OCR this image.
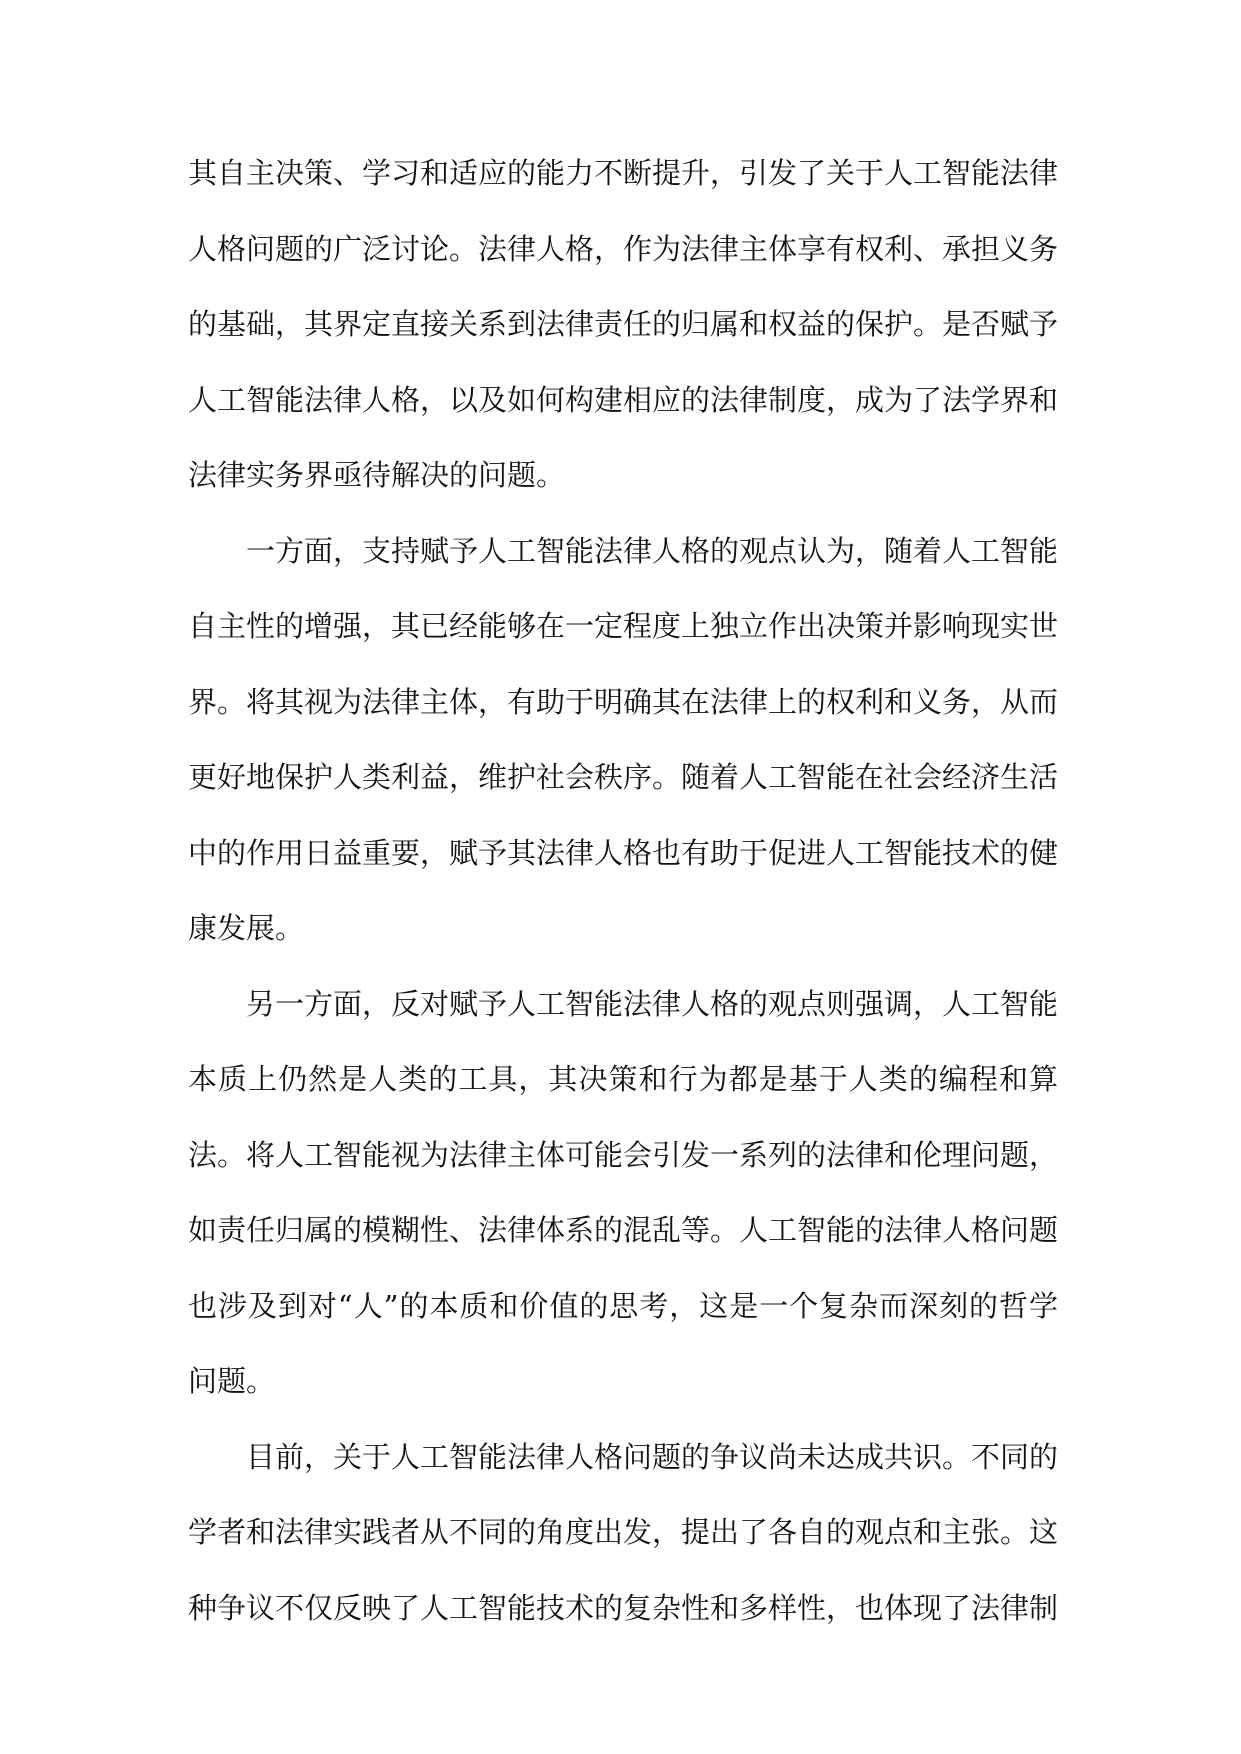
其自主决策、学习和适应的能力不断提升，引发了关于人工智能法律人格问题的广泛讨论。法律人格，作为法律主体享有权利、承担义务的基础，其界定直接关系到法律责任的归属和权益的保护。是否赋予人工智能法律人格，以及如何构建相应的法律制度，成为了法学界和法律实务界亟待解决的问题。

一方面，支持赋予人工智能法律人格的观点认为，随着人工智能自主性的增强，其已经能够在一定程度上独立作出决策并影响现实世界。将其视为法律主体，有助于明确其在法律上的权利和义务，从而更好地保护人类利益，维护社会秩序。随着人工智能在社会经济生活中的作用日益重要，赋予其法律人格也有助于促进人工智能技术的健康发展。

另一方面，反对赋予人工智能法律人格的观点则强调，人工智能本质上仍然是人类的工具，其决策和行为都是基于人类的编程和算法。将人工智能视为法律主体可能会引发一系列的法律和伦理问题，如责任归属的模糊性、法律体系的混乱等。人工智能的法律人格问题也涉及到对“人”的本质和价值的思考，这是一个复杂而深刻的哲学问题。

目前，关于人工智能法律人格问题的争议尚未达成共识。不同的学者和法律实践者从不同的角度出发，提出了各自的观点和主张。这种争议不仅反映了人工智能技术的复杂性和多样性，也体现了法律制
